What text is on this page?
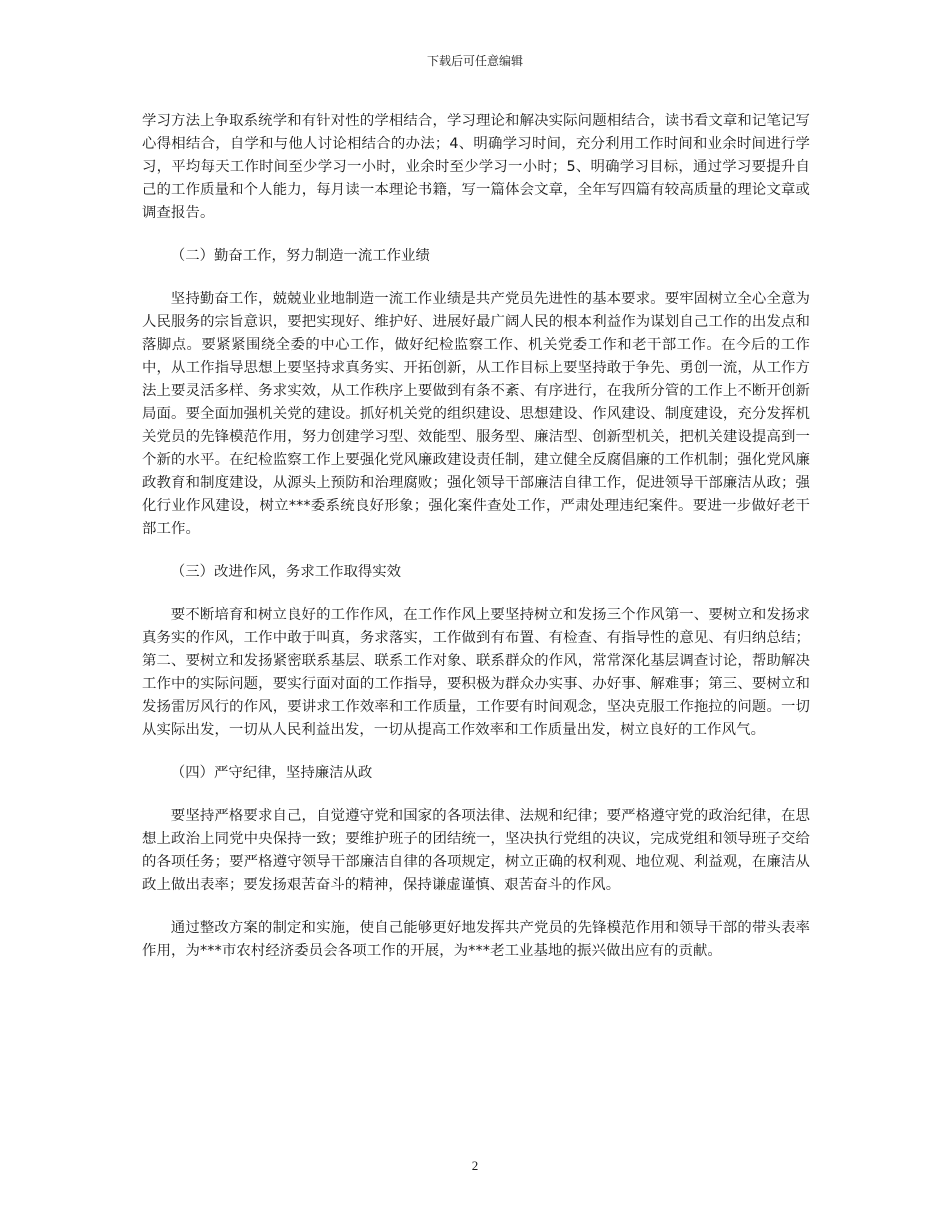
下载后可任意编辑

学习方法上争取系统学和有针对性的学相结合，学习理论和解决实际问题相结合，读书看文章和记笔记写心得相结合，自学和与他人讨论相结合的办法；4、明确学习时间，充分利用工作时间和业余时间进行学习，平均每天工作时间至少学习一小时，业余时至少学习一小时；5、明确学习目标，通过学习要提升自己的工作质量和个人能力，每月读一本理论书籍，写一篇体会文章，全年写四篇有较高质量的理论文章或调查报告。

（二）勤奋工作，努力制造一流工作业绩

坚持勤奋工作，兢兢业业地制造一流工作业绩是共产党员先进性的基本要求。要牢固树立全心全意为人民服务的宗旨意识，要把实现好、维护好、进展好最广阔人民的根本利益作为谋划自己工作的出发点和落脚点。要紧紧围绕全委的中心工作，做好纪检监察工作、机关党委工作和老干部工作。在今后的工作中，从工作指导思想上要坚持求真务实、开拓创新，从工作目标上要坚持敢于争先、勇创一流，从工作方法上要灵活多样、务求实效，从工作秩序上要做到有条不紊、有序进行，在我所分管的工作上不断开创新局面。要全面加强机关党的建设。抓好机关党的组织建设、思想建设、作风建设、制度建设，充分发挥机关党员的先锋模范作用，努力创建学习型、效能型、服务型、廉洁型、创新型机关，把机关建设提高到一个新的水平。在纪检监察工作上要强化党风廉政建设责任制，建立健全反腐倡廉的工作机制；强化党风廉政教育和制度建设，从源头上预防和治理腐败；强化领导干部廉洁自律工作，促进领导干部廉洁从政；强化行业作风建设，树立***委系统良好形象；强化案件查处工作，严肃处理违纪案件。要进一步做好老干部工作。

（三）改进作风，务求工作取得实效

要不断培育和树立良好的工作作风，在工作作风上要坚持树立和发扬三个作风第一、要树立和发扬求真务实的作风，工作中敢于叫真，务求落实，工作做到有布置、有检查、有指导性的意见、有归纳总结；第二、要树立和发扬紧密联系基层、联系工作对象、联系群众的作风，常常深化基层调查讨论，帮助解决工作中的实际问题，要实行面对面的工作指导，要积极为群众办实事、办好事、解难事；第三、要树立和发扬雷厉风行的作风，要讲求工作效率和工作质量，工作要有时间观念，坚决克服工作拖拉的问题。一切从实际出发，一切从人民利益出发，一切从提高工作效率和工作质量出发，树立良好的工作风气。

（四）严守纪律，坚持廉洁从政

要坚持严格要求自己，自觉遵守党和国家的各项法律、法规和纪律；要严格遵守党的政治纪律，在思想上政治上同党中央保持一致；要维护班子的团结统一，坚决执行党组的决议，完成党组和领导班子交给的各项任务；要严格遵守领导干部廉洁自律的各项规定，树立正确的权利观、地位观、利益观，在廉洁从政上做出表率；要发扬艰苦奋斗的精神，保持谦虚谨慎、艰苦奋斗的作风。

通过整改方案的制定和实施，使自己能够更好地发挥共产党员的先锋模范作用和领导干部的带头表率作用，为***市农村经济委员会各项工作的开展，为***老工业基地的振兴做出应有的贡献。

2
